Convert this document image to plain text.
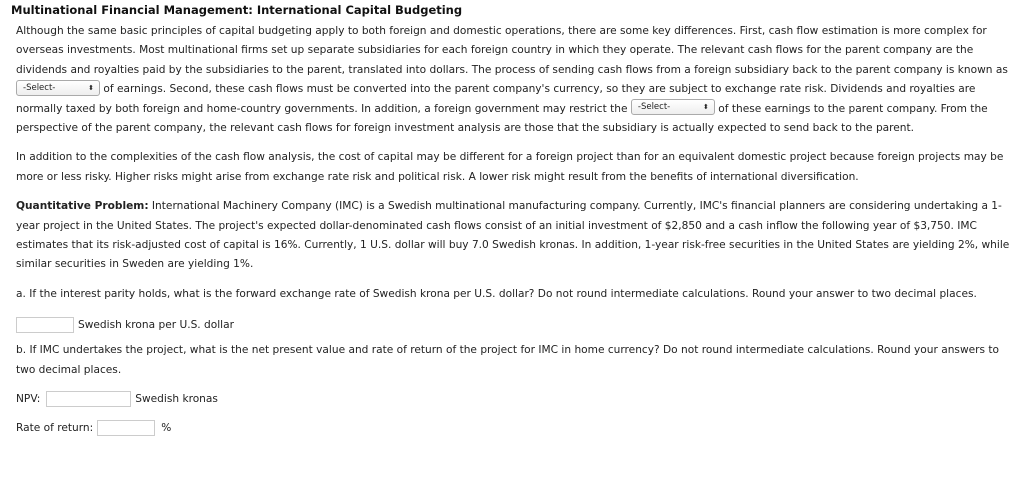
Multinational Financial Management: International Capital Budgeting

Although the same basic principles of capital budgeting apply to both foreign and domestic operations, there are some key differences. First, cash flow estimation is more complex for overseas investments. Most multinational firms set up separate subsidiaries for each foreign country in which they operate. The relevant cash flows for the parent company are the dividends and royalties paid by the subsidiaries to the parent, translated into dollars. The process of sending cash flows from a foreign subsidiary back to the parent company is known as -Select-	⬍ of earnings. Second, these cash flows must be converted into the parent company's currency, so they are subject to exchange rate risk. Dividends and royalties are normally taxed by both foreign and home-country governments. In addition, a foreign government may restrict the -Select-	⬍ of these earnings to the parent company. From the perspective of the parent company, the relevant cash flows for foreign investment analysis are those that the subsidiary is actually expected to send back to the parent.

In addition to the complexities of the cash flow analysis, the cost of capital may be different for a foreign project than for an equivalent domestic project because foreign projects may be more or less risky. Higher risks might arise from exchange rate risk and political risk. A lower risk might result from the benefits of international diversification.

Quantitative Problem: International Machinery Company (IMC) is a Swedish multinational manufacturing company. Currently, IMC's financial planners are considering undertaking a 1-year project in the United States. The project's expected dollar-denominated cash flows consist of an initial investment of $2,850 and a cash inflow the following year of $3,750. IMC estimates that its risk-adjusted cost of capital is 16%. Currently, 1 U.S. dollar will buy 7.0 Swedish kronas. In addition, 1-year risk-free securities in the United States are yielding 2%, while similar securities in Sweden are yielding 1%.

a. If the interest parity holds, what is the forward exchange rate of Swedish krona per U.S. dollar? Do not round intermediate calculations. Round your answer to two decimal places.

Swedish krona per U.S. dollar

b. If IMC undertakes the project, what is the net present value and rate of return of the project for IMC in home currency? Do not round intermediate calculations. Round your answers to two decimal places.

NPV:	Swedish kronas
Rate of return:	%
